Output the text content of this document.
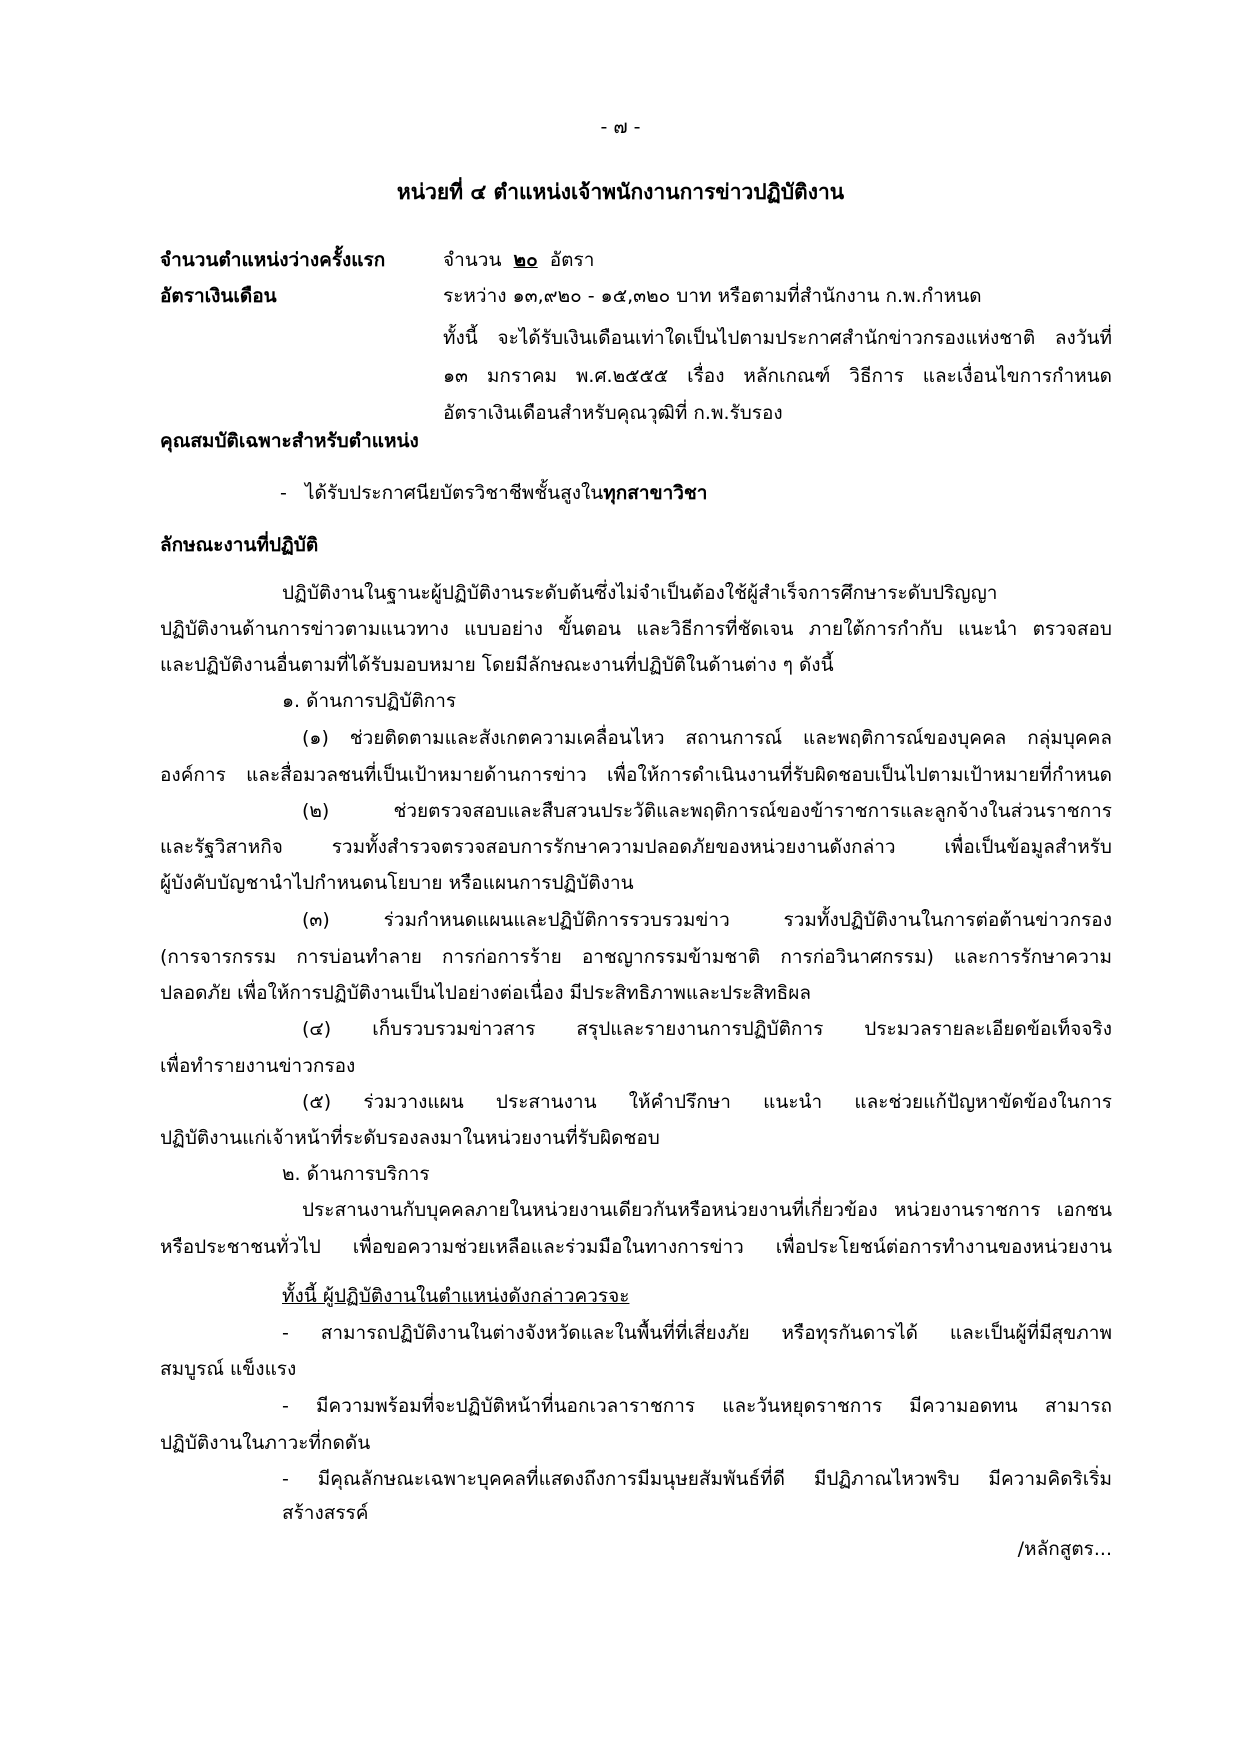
- ๗ -
หน่วยที่ ๔ ตำแหน่งเจ้าพนักงานการข่าวปฏิบัติงาน
จำนวนตำแหน่งว่างครั้งแรก	จำนวน ๒๐ อัตรา
อัตราเงินเดือน	ระหว่าง ๑๓,๙๒๐ - ๑๕,๓๒๐ บาท หรือตามที่สำนักงาน ก.พ.กำหนด
ทั้งนี้ จะได้รับเงินเดือนเท่าใดเป็นไปตามประกาศสำนักข่าวกรองแห่งชาติ ลงวันที่
๑๓ มกราคม พ.ศ.๒๕๕๕ เรื่อง หลักเกณฑ์ วิธีการ และเงื่อนไขการกำหนด
อัตราเงินเดือนสำหรับคุณวุฒิที่ ก.พ.รับรอง
คุณสมบัติเฉพาะสำหรับตำแหน่ง
- ได้รับประกาศนียบัตรวิชาชีพชั้นสูงในทุกสาขาวิชา
ลักษณะงานที่ปฏิบัติ
ปฏิบัติงานในฐานะผู้ปฏิบัติงานระดับต้นซึ่งไม่จำเป็นต้องใช้ผู้สำเร็จการศึกษาระดับปริญญา
ปฏิบัติงานด้านการข่าวตามแนวทาง แบบอย่าง ขั้นตอน และวิธีการที่ชัดเจน ภายใต้การกำกับ แนะนำ ตรวจสอบ
และปฏิบัติงานอื่นตามที่ได้รับมอบหมาย โดยมีลักษณะงานที่ปฏิบัติในด้านต่าง ๆ ดังนี้
๑. ด้านการปฏิบัติการ
(๑) ช่วยติดตามและสังเกตความเคลื่อนไหว สถานการณ์ และพฤติการณ์ของบุคคล กลุ่มบุคคล
องค์การ และสื่อมวลชนที่เป็นเป้าหมายด้านการข่าว เพื่อให้การดำเนินงานที่รับผิดชอบเป็นไปตามเป้าหมายที่กำหนด
(๒) ช่วยตรวจสอบและสืบสวนประวัติและพฤติการณ์ของข้าราชการและลูกจ้างในส่วนราชการ
และรัฐวิสาหกิจ รวมทั้งสำรวจตรวจสอบการรักษาความปลอดภัยของหน่วยงานดังกล่าว เพื่อเป็นข้อมูลสำหรับ
ผู้บังคับบัญชานำไปกำหนดนโยบาย หรือแผนการปฏิบัติงาน
(๓) ร่วมกำหนดแผนและปฏิบัติการรวบรวมข่าว รวมทั้งปฏิบัติงานในการต่อต้านข่าวกรอง
(การจารกรรม การบ่อนทำลาย การก่อการร้าย อาชญากรรมข้ามชาติ การก่อวินาศกรรม) และการรักษาความ
ปลอดภัย เพื่อให้การปฏิบัติงานเป็นไปอย่างต่อเนื่อง มีประสิทธิภาพและประสิทธิผล
(๔) เก็บรวบรวมข่าวสาร สรุปและรายงานการปฏิบัติการ ประมวลรายละเอียดข้อเท็จจริง
เพื่อทำรายงานข่าวกรอง
(๕) ร่วมวางแผน ประสานงาน ให้คำปรึกษา แนะนำ และช่วยแก้ปัญหาขัดข้องในการ
ปฏิบัติงานแก่เจ้าหน้าที่ระดับรองลงมาในหน่วยงานที่รับผิดชอบ
๒. ด้านการบริการ
ประสานงานกับบุคคลภายในหน่วยงานเดียวกันหรือหน่วยงานที่เกี่ยวข้อง หน่วยงานราชการ เอกชน
หรือประชาชนทั่วไป เพื่อขอความช่วยเหลือและร่วมมือในทางการข่าว เพื่อประโยชน์ต่อการทำงานของหน่วยงาน
ทั้งนี้ ผู้ปฏิบัติงานในตำแหน่งดังกล่าวควรจะ
- สามารถปฏิบัติงานในต่างจังหวัดและในพื้นที่ที่เสี่ยงภัย หรือทุรกันดารได้ และเป็นผู้ที่มีสุขภาพ
สมบูรณ์ แข็งแรง
- มีความพร้อมที่จะปฏิบัติหน้าที่นอกเวลาราชการ และวันหยุดราชการ มีความอดทน สามารถ
ปฏิบัติงานในภาวะที่กดดัน
- มีคุณลักษณะเฉพาะบุคคลที่แสดงถึงการมีมนุษยสัมพันธ์ที่ดี มีปฏิภาณไหวพริบ มีความคิดริเริ่มสร้างสรรค์
/หลักสูตร...
